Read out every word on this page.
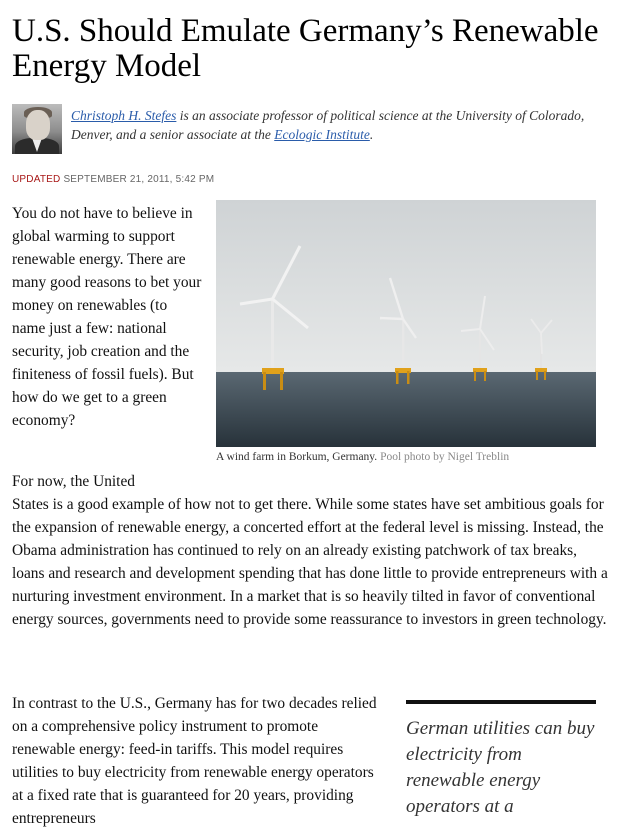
U.S. Should Emulate Germany’s Renewable Energy Model
Christoph H. Stefes is an associate professor of political science at the University of Colorado, Denver, and a senior associate at the Ecologic Institute.
UPDATED SEPTEMBER 21, 2011, 5:42 PM
A wind farm in Borkum, Germany. Pool photo by Nigel Treblin

You do not have to believe in global warming to support renewable energy. There are many good reasons to bet your money on renewables (to name just a few: national security, job creation and the finiteness of fossil fuels). But how do we get to a green economy?

For now, the United
States is a good example of how not to get there. While some states have set ambitious goals for the expansion of renewable energy, a concerted effort at the federal level is missing. Instead, the Obama administration has continued to rely on an already existing patchwork of tax breaks, loans and research and development spending that has done little to provide entrepreneurs with a nurturing investment environment. In a market that is so heavily tilted in favor of conventional energy sources, governments need to provide some reassurance to investors in green technology.

In contrast to the U.S., Germany has for two decades relied on a comprehensive policy instrument to promote renewable energy: feed-in tariffs. This model requires utilities to buy electricity from renewable energy operators at a fixed rate that is guaranteed for 20 years, providing entrepreneurs

German utilities can buy electricity from renewable energy operators at a
